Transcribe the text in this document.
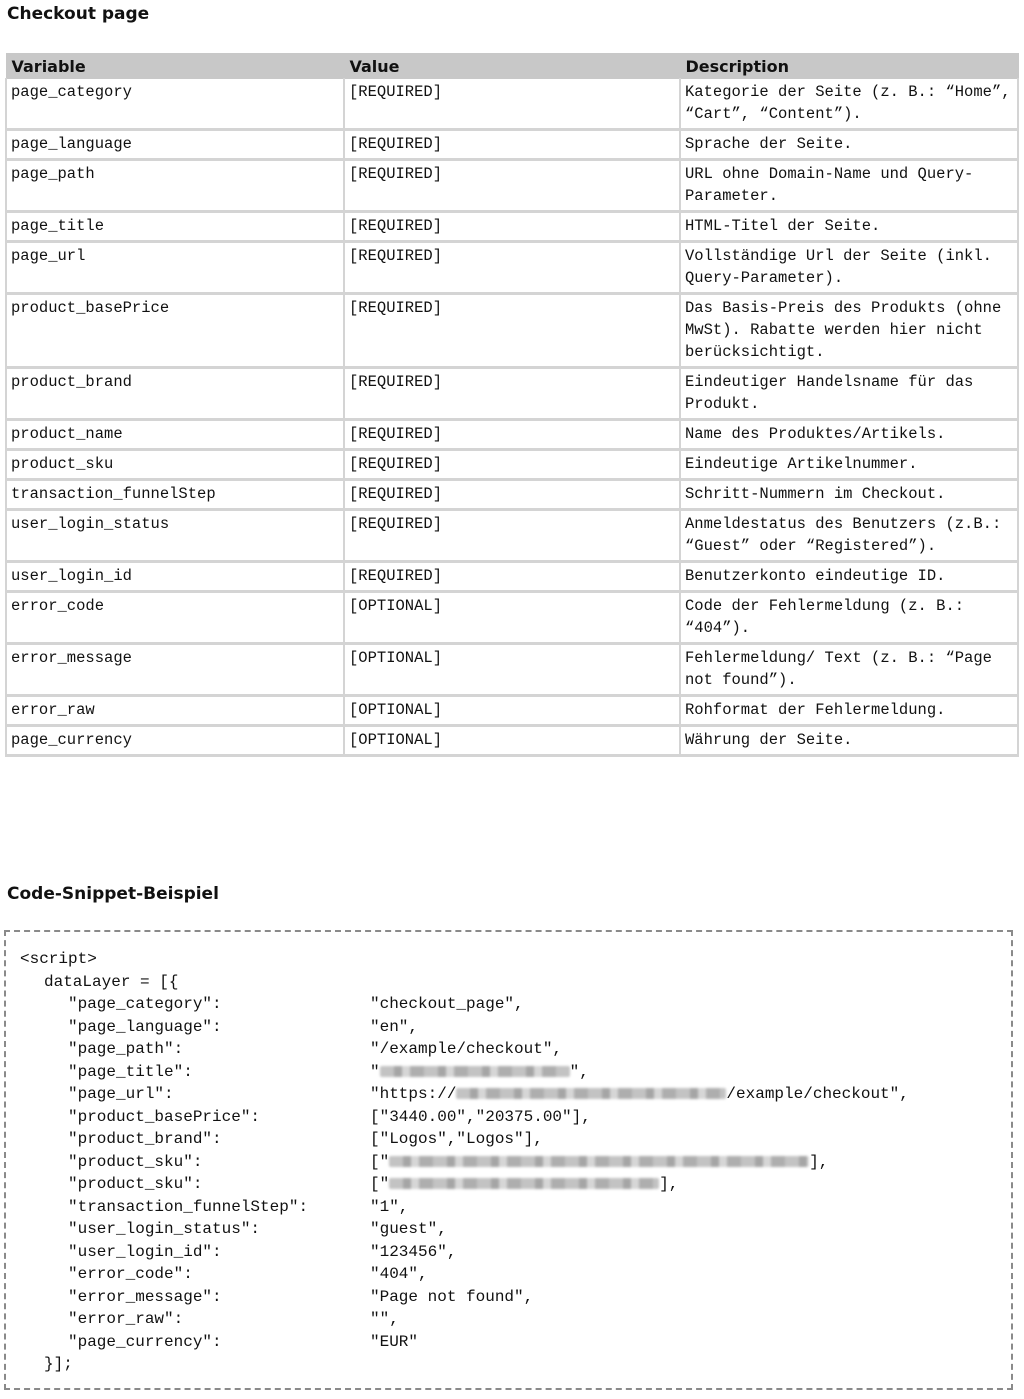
Checkout page
Variable	Value	Description
page_category	[REQUIRED]	Kategorie der Seite (z. B.: “Home”, “Cart”, “Content”).
page_language	[REQUIRED]	Sprache der Seite.
page_path	[REQUIRED]	URL ohne Domain-Name und Query-Parameter.
page_title	[REQUIRED]	HTML-Titel der Seite.
page_url	[REQUIRED]	Vollständige Url der Seite (inkl. Query-Parameter).
product_basePrice	[REQUIRED]	Das Basis-Preis des Produkts (ohne MwSt). Rabatte werden hier nicht berücksichtigt.
product_brand	[REQUIRED]	Eindeutiger Handelsname für das Produkt.
product_name	[REQUIRED]	Name des Produktes/Artikels.
product_sku	[REQUIRED]	Eindeutige Artikelnummer.
transaction_funnelStep	[REQUIRED]	Schritt-Nummern im Checkout.
user_login_status	[REQUIRED]	Anmeldestatus des Benutzers (z.B.: “Guest” oder “Registered”).
user_login_id	[REQUIRED]	Benutzerkonto eindeutige ID.
error_code	[OPTIONAL]	Code der Fehlermeldung (z. B.: “404”).
error_message	[OPTIONAL]	Fehlermeldung/ Text (z. B.: “Page not found”).
error_raw	[OPTIONAL]	Rohformat der Fehlermeldung.
page_currency	[OPTIONAL]	Währung der Seite.
Code-Snippet-Beispiel
<script>
dataLayer = [{
"page_category":	"checkout_page",
"page_language":	"en",
"page_path":	"/example/checkout",
"page_title":	"	",
"page_url":	"https://	/example/checkout",
"product_basePrice":	["3440.00","20375.00"],
"product_brand":	["Logos","Logos"],
"product_sku":	["	],
"product_sku":	["	],
"transaction_funnelStep":	"1",
"user_login_status":	"guest",
"user_login_id":	"123456",
"error_code":	"404",
"error_message":	"Page not found",
"error_raw":	"",
"page_currency":	"EUR"
}];
